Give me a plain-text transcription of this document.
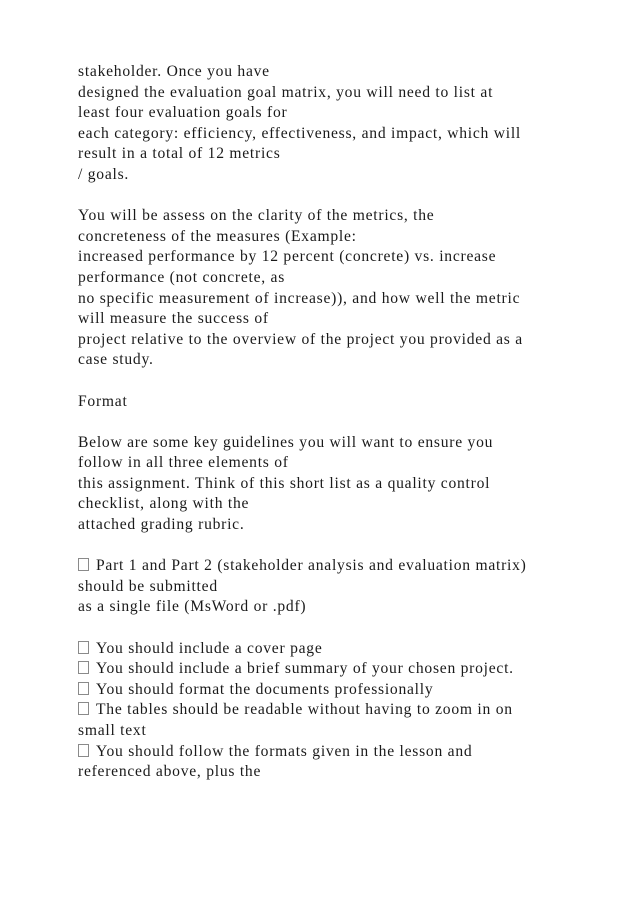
stakeholder. Once you have
designed the evaluation goal matrix, you will need to list at
least four evaluation goals for
each category: efficiency, effectiveness, and impact, which will
result in a total of 12 metrics
/ goals.
You will be assess on the clarity of the metrics, the
concreteness of the measures (Example:
increased performance by 12 percent (concrete) vs. increase
performance (not concrete, as
no specific measurement of increase)), and how well the metric
will measure the success of
project relative to the overview of the project you provided as a
case study.
Format
Below are some key guidelines you will want to ensure you
follow in all three elements of
this assignment. Think of this short list as a quality control
checklist, along with the
attached grading rubric.
Part 1 and Part 2 (stakeholder analysis and evaluation matrix)
should be submitted
as a single file (MsWord or .pdf)
You should include a cover page
You should include a brief summary of your chosen project.
You should format the documents professionally
The tables should be readable without having to zoom in on
small text
You should follow the formats given in the lesson and
referenced above, plus the
